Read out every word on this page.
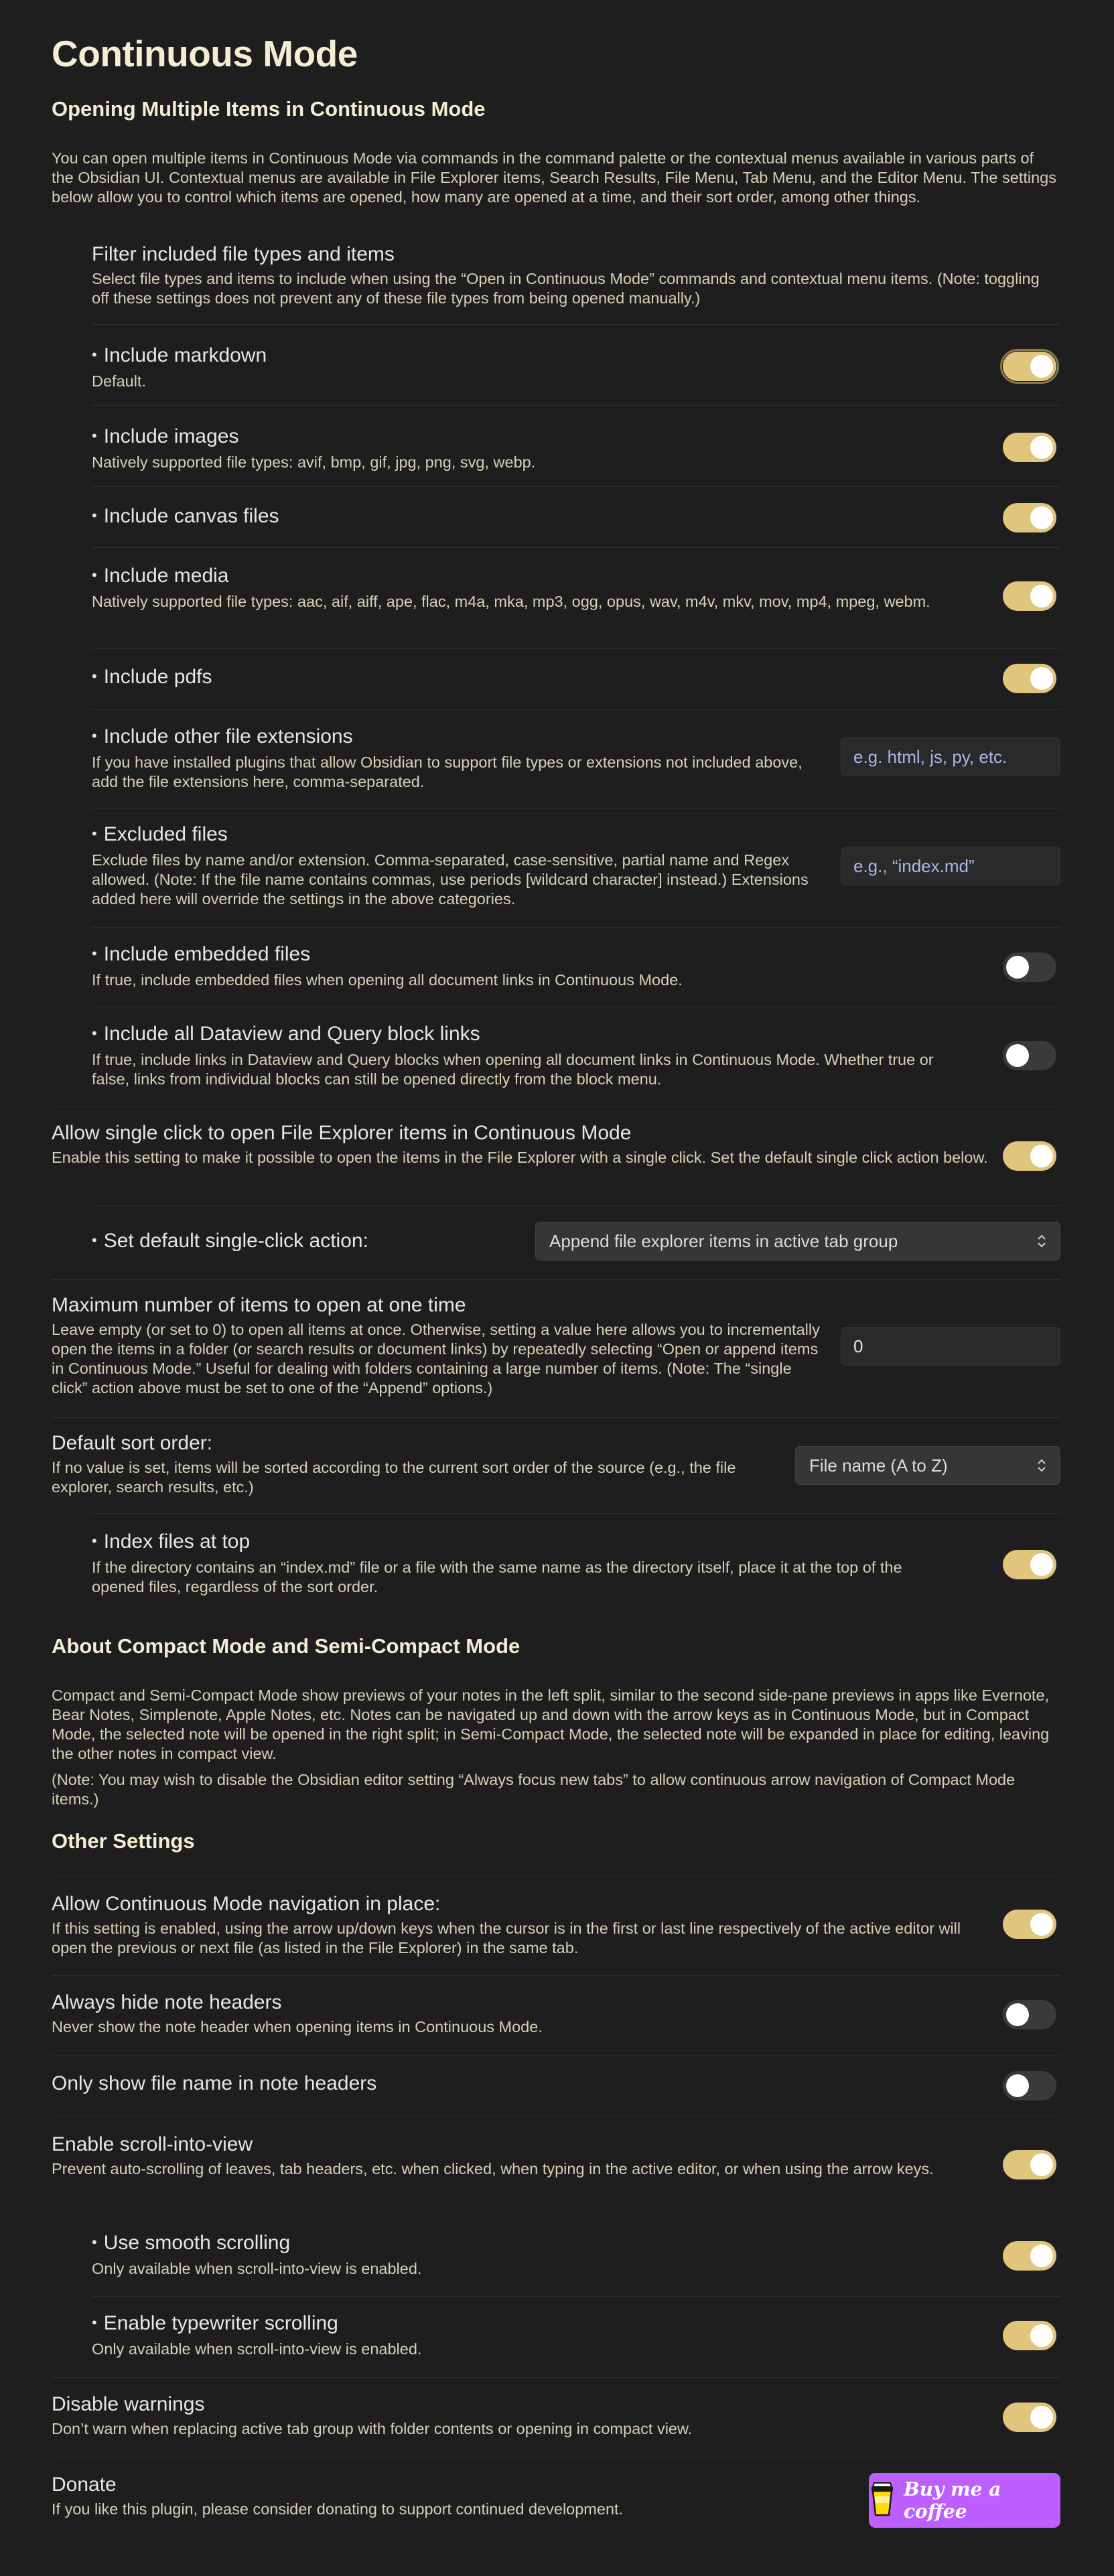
Continuous Mode
Opening Multiple Items in Continuous Mode

You can open multiple items in Continuous Mode via commands in the command palette or the contextual menus available in various parts of the Obsidian UI. Contextual menus are available in File Explorer items, Search Results, File Menu, Tab Menu, and the Editor Menu. The settings below allow you to control which items are opened, how many are opened at a time, and their sort order, among other things.

Filter included file types and items
Select file types and items to include when using the “Open in Continuous Mode” commands and contextual menu items. (Note: toggling off these settings does not prevent any of these file types from being opened manually.)
• Include markdown
Default.
• Include images
Natively supported file types: avif, bmp, gif, jpg, png, svg, webp.
• Include canvas files
• Include media
Natively supported file types: aac, aif, aiff, ape, flac, m4a, mka, mp3, ogg, opus, wav, m4v, mkv, mov, mp4, mpeg, webm.
• Include pdfs
• Include other file extensions
If you have installed plugins that allow Obsidian to support file types or extensions not included above, add the file extensions here, comma-separated.
e.g. html, js, py, etc.
• Excluded files
Exclude files by name and/or extension. Comma-separated, case-sensitive, partial name and Regex allowed. (Note: If the file name contains commas, use periods [wildcard character] instead.) Extensions added here will override the settings in the above categories.
e.g., “index.md”
• Include embedded files
If true, include embedded files when opening all document links in Continuous Mode.
• Include all Dataview and Query block links
If true, include links in Dataview and Query blocks when opening all document links in Continuous Mode. Whether true or false, links from individual blocks can still be opened directly from the block menu.
Allow single click to open File Explorer items in Continuous Mode
Enable this setting to make it possible to open the items in the File Explorer with a single click. Set the default single click action below.
• Set default single-click action:	Append file explorer items in active tab group
Maximum number of items to open at one time
Leave empty (or set to 0) to open all items at once. Otherwise, setting a value here allows you to incrementally open the items in a folder (or search results or document links) by repeatedly selecting “Open or append items in Continuous Mode.” Useful for dealing with folders containing a large number of items. (Note: The “single click” action above must be set to one of the “Append” options.)
0
Default sort order:
If no value is set, items will be sorted according to the current sort order of the source (e.g., the file explorer, search results, etc.)
File name (A to Z)
• Index files at top
If the directory contains an “index.md” file or a file with the same name as the directory itself, place it at the top of the opened files, regardless of the sort order.
About Compact Mode and Semi-Compact Mode

Compact and Semi-Compact Mode show previews of your notes in the left split, similar to the second side-pane previews in apps like Evernote, Bear Notes, Simplenote, Apple Notes, etc. Notes can be navigated up and down with the arrow keys as in Continuous Mode, but in Compact Mode, the selected note will be opened in the right split; in Semi-Compact Mode, the selected note will be expanded in place for editing, leaving the other notes in compact view.

(Note: You may wish to disable the Obsidian editor setting “Always focus new tabs” to allow continuous arrow navigation of Compact Mode items.)

Other Settings
Allow Continuous Mode navigation in place:
If this setting is enabled, using the arrow up/down keys when the cursor is in the first or last line respectively of the active editor will open the previous or next file (as listed in the File Explorer) in the same tab.
Always hide note headers
Never show the note header when opening items in Continuous Mode.
Only show file name in note headers
Enable scroll-into-view
Prevent auto-scrolling of leaves, tab headers, etc. when clicked, when typing in the active editor, or when using the arrow keys.
• Use smooth scrolling
Only available when scroll-into-view is enabled.
• Enable typewriter scrolling
Only available when scroll-into-view is enabled.
Disable warnings
Don’t warn when replacing active tab group with folder contents or opening in compact view.
Donate
If you like this plugin, please consider donating to support continued development.
Buy me a coffee
